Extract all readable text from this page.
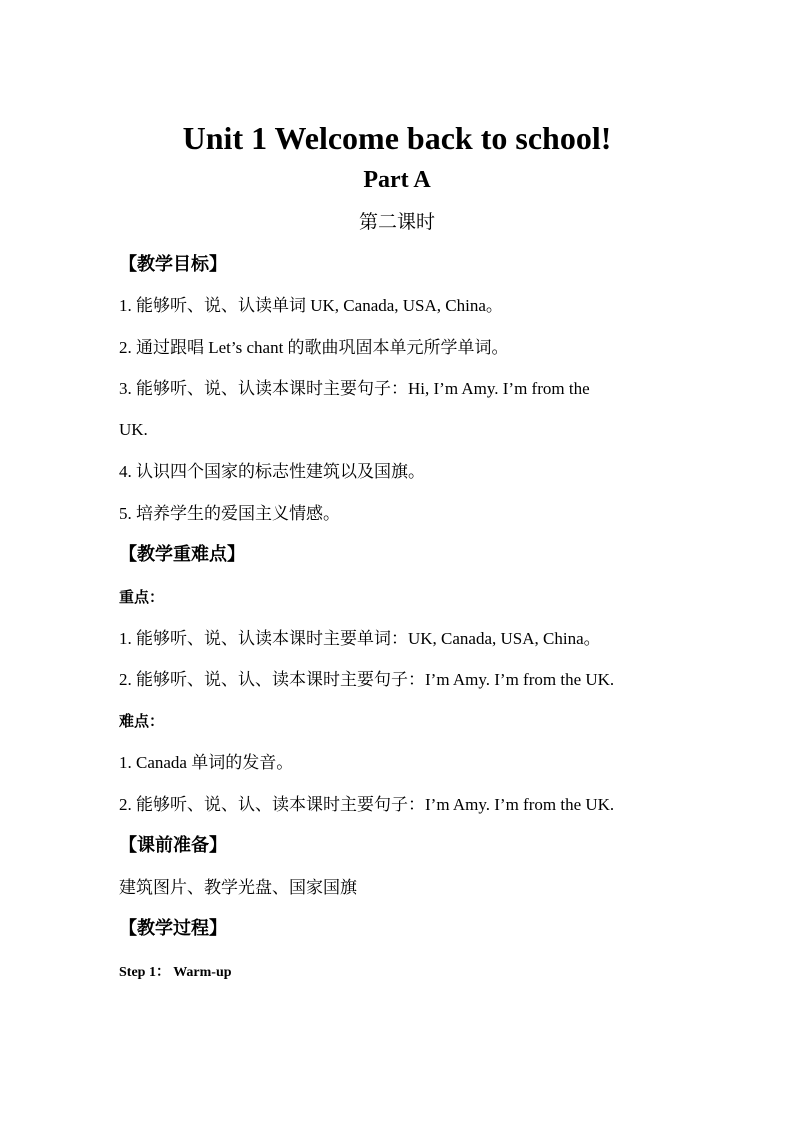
Unit 1 Welcome back to school!
Part A
第二课时
【教学目标】
1. 能够听、说、认读单词 UK, Canada, USA, China。
2. 通过跟唱 Let’s chant 的歌曲巩固本单元所学单词。
3. 能够听、说、认读本课时主要句子：Hi, I’m Amy. I’m from the
UK.
4. 认识四个国家的标志性建筑以及国旗。
5. 培养学生的爱国主义情感。
【教学重难点】
重点：
1. 能够听、说、认读本课时主要单词：UK, Canada, USA, China。
2. 能够听、说、认、读本课时主要句子：I’m Amy. I’m from the UK.
难点：
1. Canada 单词的发音。
2. 能够听、说、认、读本课时主要句子：I’m Amy. I’m from the UK.
【课前准备】
建筑图片、教学光盘、国家国旗
【教学过程】
Step 1： Warm-up
